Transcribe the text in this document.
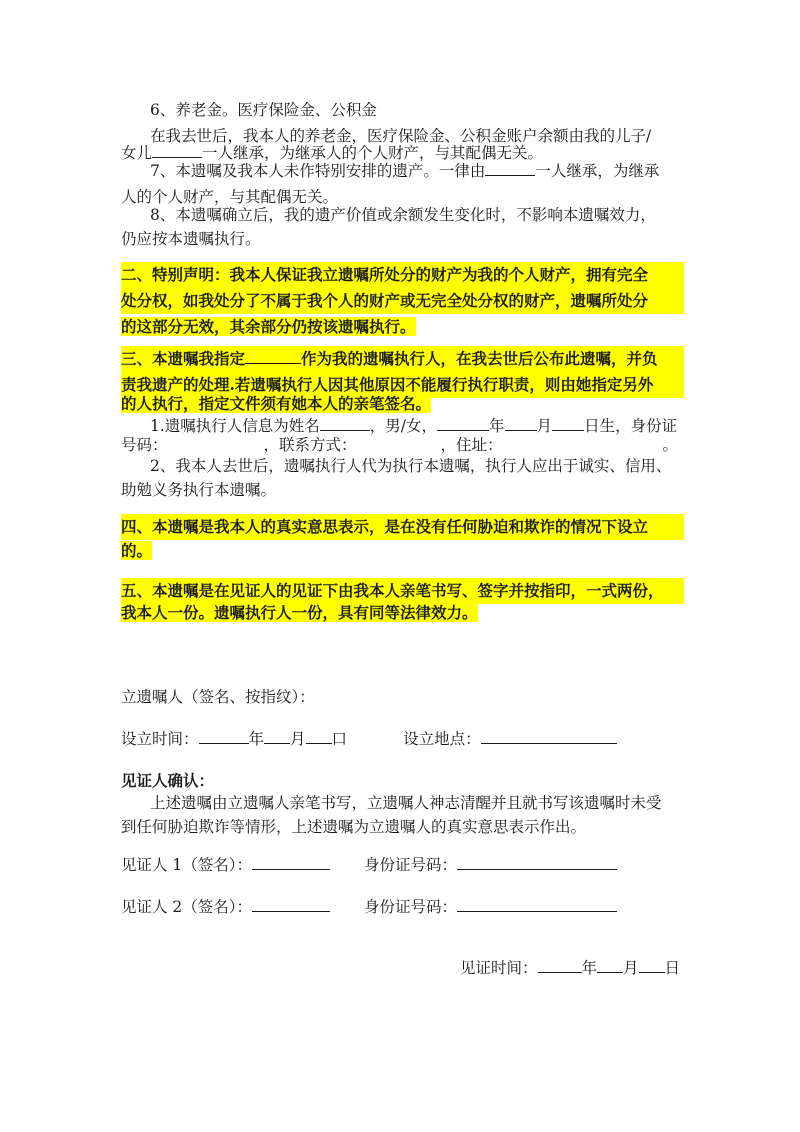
6、养老金。医疗保险金、公积金
在我去世后，我本人的养老金，医疗保险金、公积金账户余额由我的儿子/
女儿	一人继承，为继承人的个人财产，与其配偶无关。
7、本遗嘱及我本人未作特别安排的遗产。一律由	一人继承，为继承
人的个人财产，与其配偶无关。
8、本遗嘱确立后，我的遗产价值或余额发生变化时，不影响本遗嘱效力，
仍应按本遗嘱执行。
二、特别声明：我本人保证我立遗嘱所处分的财产为我的个人财产，拥有完全
处分权，如我处分了不属于我个人的财产或无完全处分权的财产，遗嘱所处分
的这部分无效，其余部分仍按该遗嘱执行。
三、本遗嘱我指定	作为我的遗嘱执行人，在我去世后公布此遗嘱，并负
责我遗产的处理.若遗嘱执行人因其他原因不能履行执行职责，则由她指定另外
的人执行，指定文件须有她本人的亲笔签名。
1.遗嘱执行人信息为姓名	，男/女，	年 月 日生，身份证
号码：	，联系方式：	，住址：	。
2、我本人去世后，遗嘱执行人代为执行本遗嘱，执行人应出于诚实、信用、
助勉义务执行本遗嘱。
四、本遗嘱是我本人的真实意思表示，是在没有任何胁迫和欺诈的情况下设立
的。
五、本遗嘱是在见证人的见证下由我本人亲笔书写、签字并按指印，一式两份，
我本人一份。遗嘱执行人一份，具有同等法律效力。
立遗嘱人（签名、按指纹）：
设立时间：	年 月 口	设立地点：
见证人确认：
上述遗嘱由立遗嘱人亲笔书写，立遗嘱人神志清醒并且就书写该遗嘱时未受
到任何胁迫欺诈等情形，上述遗嘱为立遗嘱人的真实意思表示作出。
见证人 1（签名）：	身份证号码：
见证人 2（签名）：	身份证号码：
见证时间：	年 月 日
